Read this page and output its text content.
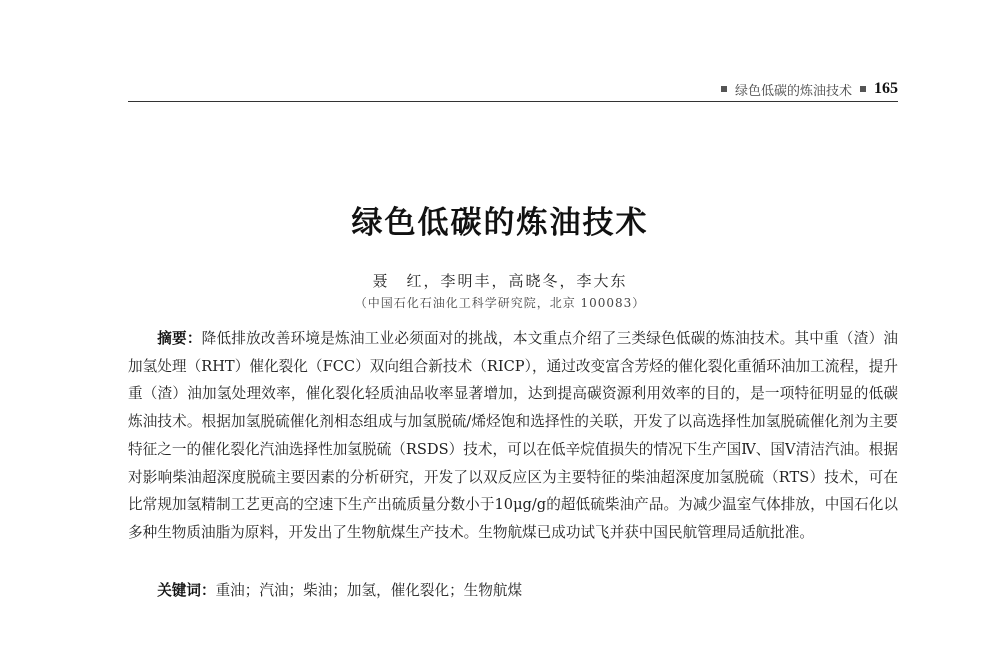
绿色低碳的炼油技术 165
绿色低碳的炼油技术
聂　红，李明丰，高晓冬，李大东
（中国石化石油化工科学研究院，北京 100083）

摘要：降低排放改善环境是炼油工业必须面对的挑战，本文重点介绍了三类绿色低碳的炼油技术。其中重（渣）油加氢处理（RHT）催化裂化（FCC）双向组合新技术（RICP），通过改变富含芳烃的催化裂化重循环油加工流程，提升重（渣）油加氢处理效率，催化裂化轻质油品收率显著增加，达到提高碳资源利用效率的目的，是一项特征明显的低碳炼油技术。根据加氢脱硫催化剂相态组成与加氢脱硫/烯烃饱和选择性的关联，开发了以高选择性加氢脱硫催化剂为主要特征之一的催化裂化汽油选择性加氢脱硫（RSDS）技术，可以在低辛烷值损失的情况下生产国Ⅳ、国Ⅴ清洁汽油。根据对影响柴油超深度脱硫主要因素的分析研究，开发了以双反应区为主要特征的柴油超深度加氢脱硫（RTS）技术，可在比常规加氢精制工艺更高的空速下生产出硫质量分数小于10μg/g的超低硫柴油产品。为减少温室气体排放，中国石化以多种生物质油脂为原料，开发出了生物航煤生产技术。生物航煤已成功试飞并获中国民航管理局适航批准。

关键词：重油；汽油；柴油；加氢，催化裂化；生物航煤
